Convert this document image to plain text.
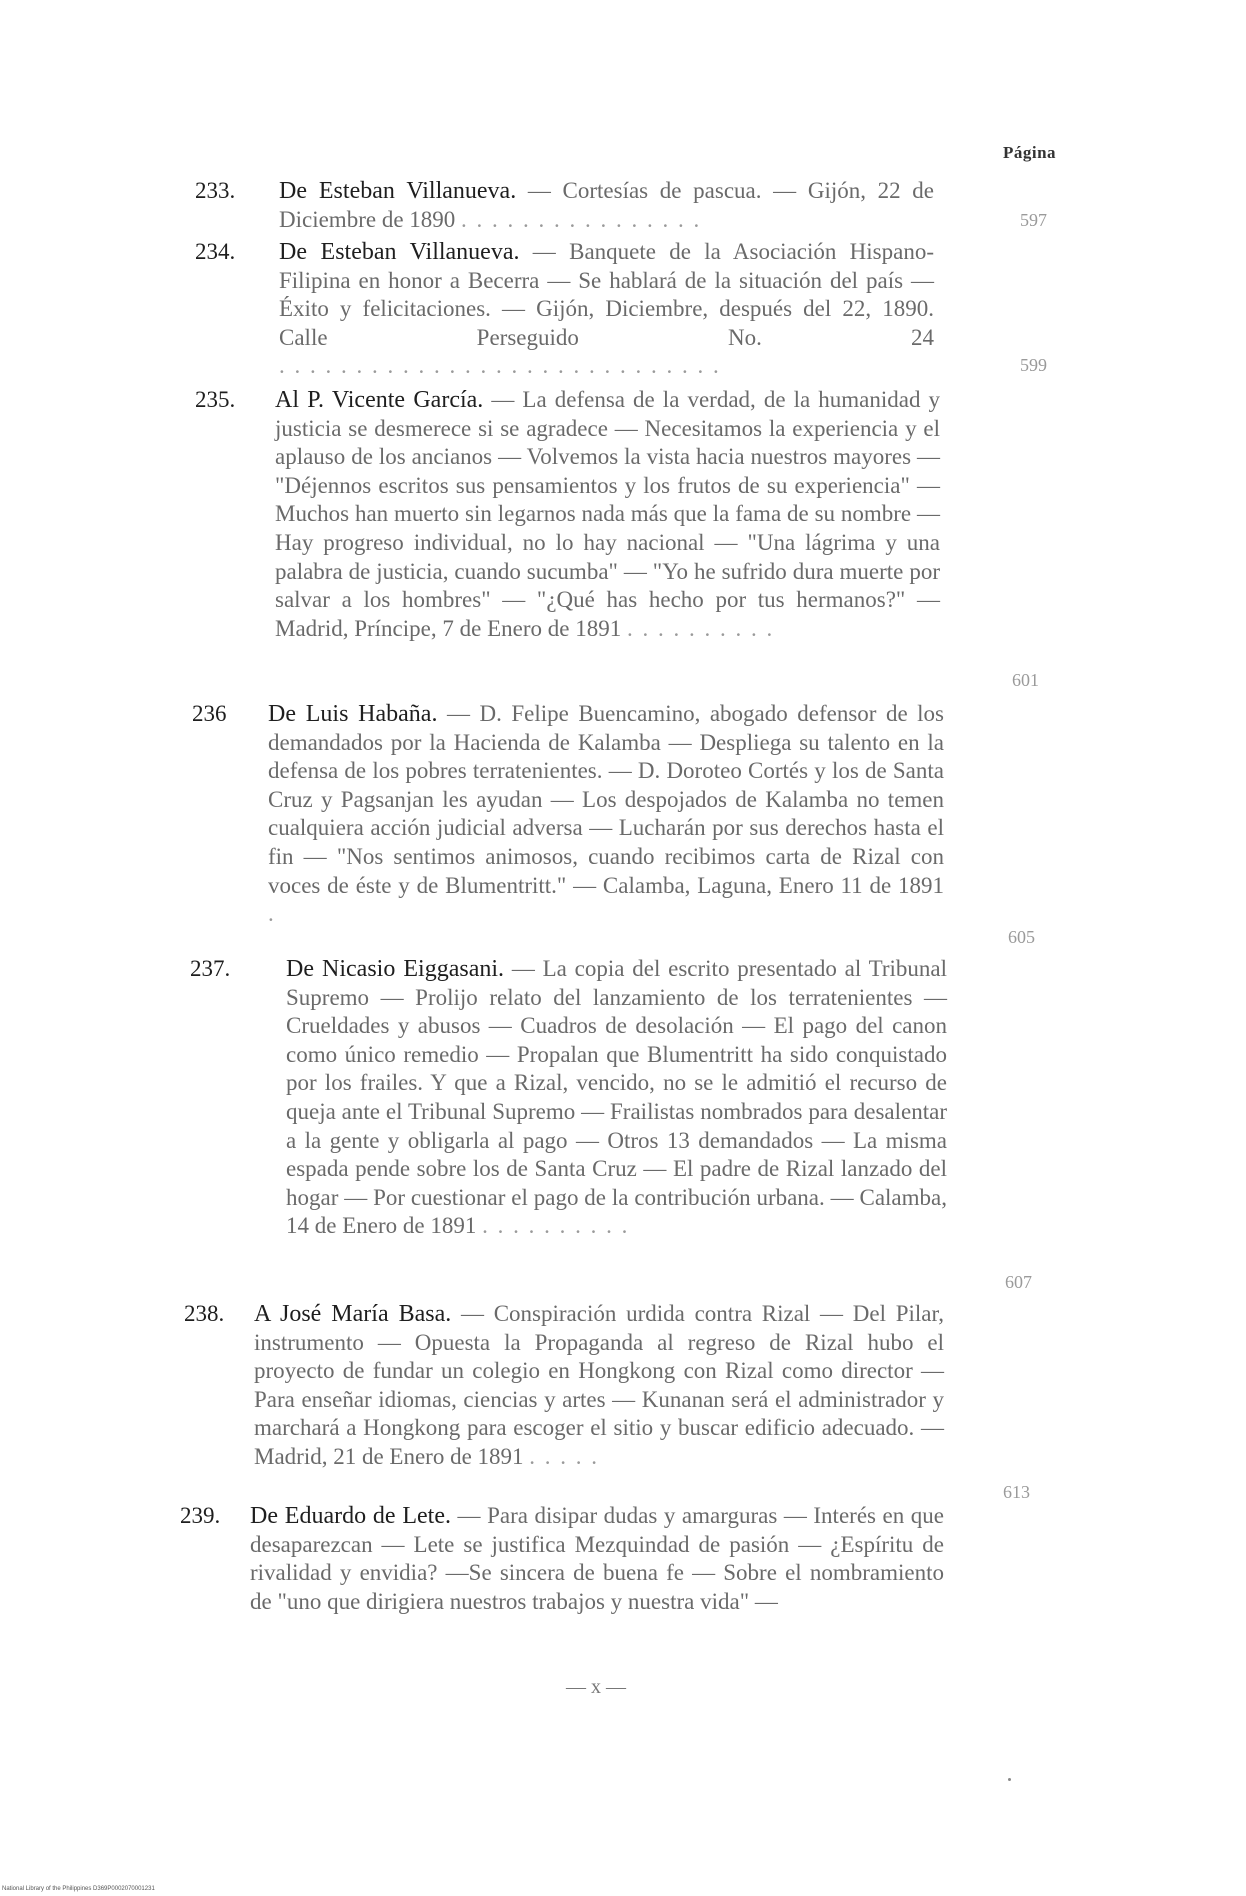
Página
233. De Esteban Villanueva. — Cortesías de pascua. — Gijón, 22 de Diciembre de 1890 . . . . . . . . . . . . . . . .	597
234. De Esteban Villanueva. — Banquete de la Asociación Hispano-Filipina en honor a Becerra — Se hablará de la situación del país — Éxito y felicitaciones. — Gijón, Diciembre, después del 22, 1890. Calle Perseguido No. 24 . . . . . . . . . . . . . . . . . . . . . . . . . . . . .	599
235. Al P. Vicente García. — La defensa de la verdad, de la humanidad y justicia se desmerece si se agradece — Necesitamos la experiencia y el aplauso de los ancianos — Volvemos la vista hacia nuestros mayores — "Déjennos escritos sus pensamientos y los frutos de su experiencia" — Muchos han muerto sin legarnos nada más que la fama de su nombre — Hay progreso individual, no lo hay nacional — "Una lágrima y una palabra de justicia, cuando sucumba" — "Yo he sufrido dura muerte por salvar a los hombres" — "¿Qué has hecho por tus hermanos?" — Madrid, Príncipe, 7 de Enero de 1891 . . . . . . . . . .
601
236 De Luis Habaña. — D. Felipe Buencamino, abogado defensor de los demandados por la Hacienda de Kalamba — Despliega su talento en la defensa de los pobres terratenientes. — D. Doroteo Cortés y los de Santa Cruz y Pagsanjan les ayudan — Los despojados de Kalamba no temen cualquiera acción judicial adversa — Lucharán por sus derechos hasta el fin — "Nos sentimos animosos, cuando recibimos carta de Rizal con voces de éste y de Blumentritt." — Calamba, Laguna, Enero 11 de 1891 .
605
237. De Nicasio Eiggasani. — La copia del escrito presentado al Tribunal Supremo — Prolijo relato del lanzamiento de los terratenientes — Crueldades y abusos — Cuadros de desolación — El pago del canon como único remedio — Propalan que Blumentritt ha sido conquistado por los frailes. Y que a Rizal, vencido, no se le admitió el recurso de queja ante el Tribunal Supremo — Frailistas nombrados para desalentar a la gente y obligarla al pago — Otros 13 demandados — La misma espada pende sobre los de Santa Cruz — El padre de Rizal lanzado del hogar — Por cuestionar el pago de la contribución urbana. — Calamba, 14 de Enero de 1891 . . . . . . . . . .
607
238. A José María Basa. — Conspiración urdida contra Rizal — Del Pilar, instrumento — Opuesta la Propaganda al regreso de Rizal hubo el proyecto de fundar un colegio en Hongkong con Rizal como director — Para enseñar idiomas, ciencias y artes — Kunanan será el administrador y marchará a Hongkong para escoger el sitio y buscar edificio adecuado. — Madrid, 21 de Enero de 1891 . . . . .
613
239. De Eduardo de Lete. — Para disipar dudas y amarguras — Interés en que desaparezcan — Lete se justifica Mezquindad de pasión — ¿Espíritu de rivalidad y envidia? —Se sincera de buena fe — Sobre el nombramiento de "uno que dirigiera nuestros trabajos y nuestra vida" —
— x —
National Library of the Philippines D369P0002070001231
